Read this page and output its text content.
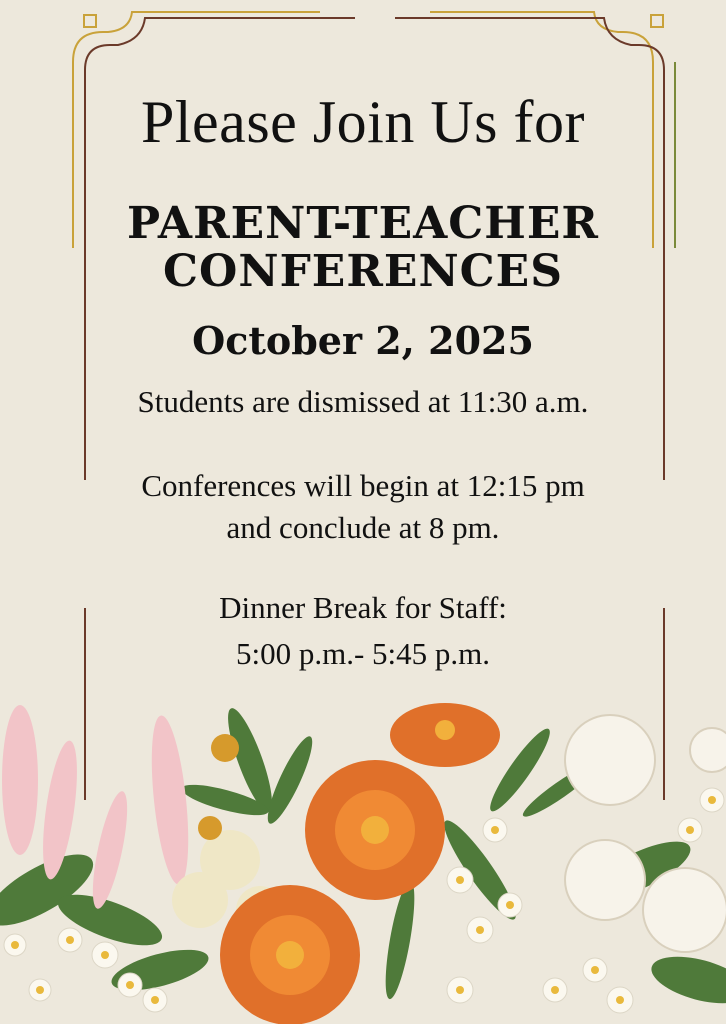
Please Join Us for
PARENT-TEACHER
CONFERENCES
October 2, 2025
Students are dismissed at 11:30 a.m.
Conferences will begin at 12:15 pm
and conclude at 8 pm.
Dinner Break for Staff:
5:00 p.m.- 5:45 p.m.
